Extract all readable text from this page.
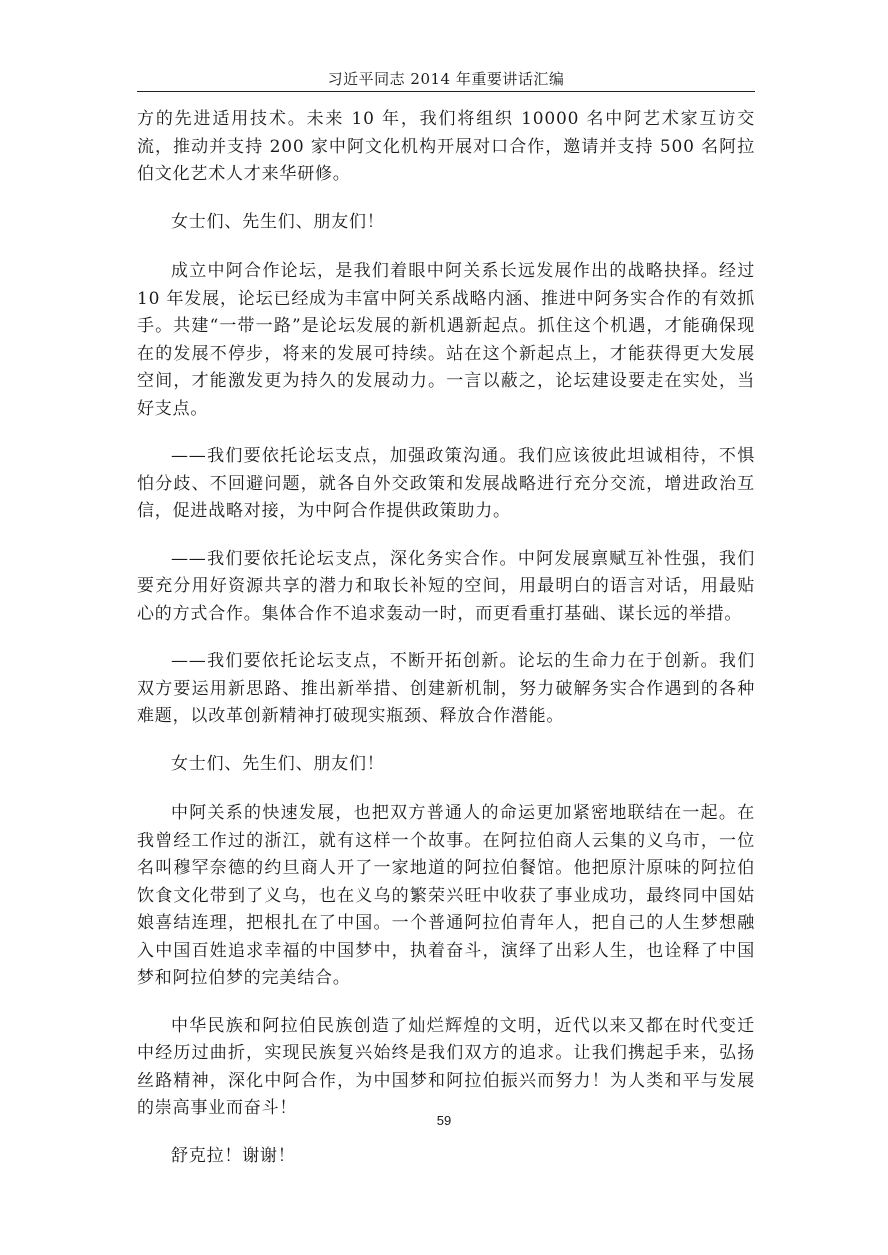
习近平同志 2014 年重要讲话汇编

方的先进适用技术。未来 10 年，我们将组织 10000 名中阿艺术家互访交流，推动并支持 200 家中阿文化机构开展对口合作，邀请并支持 500 名阿拉伯文化艺术人才来华研修。

女士们、先生们、朋友们！

成立中阿合作论坛，是我们着眼中阿关系长远发展作出的战略抉择。经过 10 年发展，论坛已经成为丰富中阿关系战略内涵、推进中阿务实合作的有效抓手。共建“一带一路”是论坛发展的新机遇新起点。抓住这个机遇，才能确保现在的发展不停步，将来的发展可持续。站在这个新起点上，才能获得更大发展空间，才能激发更为持久的发展动力。一言以蔽之，论坛建设要走在实处，当好支点。

——我们要依托论坛支点，加强政策沟通。我们应该彼此坦诚相待，不惧怕分歧、不回避问题，就各自外交政策和发展战略进行充分交流，增进政治互信，促进战略对接，为中阿合作提供政策助力。

——我们要依托论坛支点，深化务实合作。中阿发展禀赋互补性强，我们要充分用好资源共享的潜力和取长补短的空间，用最明白的语言对话，用最贴心的方式合作。集体合作不追求轰动一时，而更看重打基础、谋长远的举措。

——我们要依托论坛支点，不断开拓创新。论坛的生命力在于创新。我们双方要运用新思路、推出新举措、创建新机制，努力破解务实合作遇到的各种难题，以改革创新精神打破现实瓶颈、释放合作潜能。

女士们、先生们、朋友们！

中阿关系的快速发展，也把双方普通人的命运更加紧密地联结在一起。在我曾经工作过的浙江，就有这样一个故事。在阿拉伯商人云集的义乌市，一位名叫穆罕奈德的约旦商人开了一家地道的阿拉伯餐馆。他把原汁原味的阿拉伯饮食文化带到了义乌，也在义乌的繁荣兴旺中收获了事业成功，最终同中国姑娘喜结连理，把根扎在了中国。一个普通阿拉伯青年人，把自己的人生梦想融入中国百姓追求幸福的中国梦中，执着奋斗，演绎了出彩人生，也诠释了中国梦和阿拉伯梦的完美结合。

中华民族和阿拉伯民族创造了灿烂辉煌的文明，近代以来又都在时代变迁中经历过曲折，实现民族复兴始终是我们双方的追求。让我们携起手来，弘扬丝路精神，深化中阿合作，为中国梦和阿拉伯振兴而努力！为人类和平与发展的崇高事业而奋斗！

舒克拉！谢谢！

59
